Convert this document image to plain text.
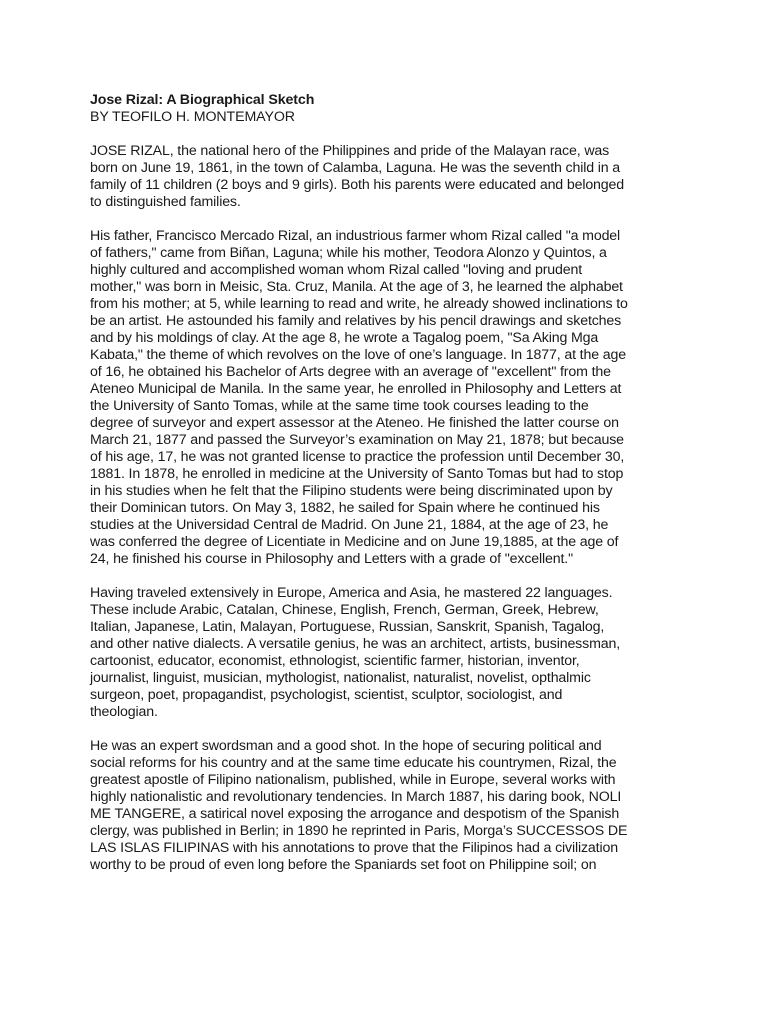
Jose Rizal: A Biographical Sketch

BY TEOFILO H. MONTEMAYOR

JOSE RIZAL, the national hero of the Philippines and pride of the Malayan race, was
born on June 19, 1861, in the town of Calamba, Laguna. He was the seventh child in a
family of 11 children (2 boys and 9 girls). Both his parents were educated and belonged
to distinguished families.

His father, Francisco Mercado Rizal, an industrious farmer whom Rizal called "a model
of fathers," came from Biñan, Laguna; while his mother, Teodora Alonzo y Quintos, a
highly cultured and accomplished woman whom Rizal called "loving and prudent
mother," was born in Meisic, Sta. Cruz, Manila. At the age of 3, he learned the alphabet
from his mother; at 5, while learning to read and write, he already showed inclinations to
be an artist. He astounded his family and relatives by his pencil drawings and sketches
and by his moldings of clay. At the age 8, he wrote a Tagalog poem, "Sa Aking Mga
Kabata," the theme of which revolves on the love of one’s language. In 1877, at the age
of 16, he obtained his Bachelor of Arts degree with an average of "excellent" from the
Ateneo Municipal de Manila. In the same year, he enrolled in Philosophy and Letters at
the University of Santo Tomas, while at the same time took courses leading to the
degree of surveyor and expert assessor at the Ateneo. He finished the latter course on
March 21, 1877 and passed the Surveyor’s examination on May 21, 1878; but because
of his age, 17, he was not granted license to practice the profession until December 30,
1881. In 1878, he enrolled in medicine at the University of Santo Tomas but had to stop
in his studies when he felt that the Filipino students were being discriminated upon by
their Dominican tutors. On May 3, 1882, he sailed for Spain where he continued his
studies at the Universidad Central de Madrid. On June 21, 1884, at the age of 23, he
was conferred the degree of Licentiate in Medicine and on June 19,1885, at the age of
24, he finished his course in Philosophy and Letters with a grade of "excellent."

Having traveled extensively in Europe, America and Asia, he mastered 22 languages.
These include Arabic, Catalan, Chinese, English, French, German, Greek, Hebrew,
Italian, Japanese, Latin, Malayan, Portuguese, Russian, Sanskrit, Spanish, Tagalog,
and other native dialects. A versatile genius, he was an architect, artists, businessman,
cartoonist, educator, economist, ethnologist, scientific farmer, historian, inventor,
journalist, linguist, musician, mythologist, nationalist, naturalist, novelist, opthalmic
surgeon, poet, propagandist, psychologist, scientist, sculptor, sociologist, and
theologian.

He was an expert swordsman and a good shot. In the hope of securing political and
social reforms for his country and at the same time educate his countrymen, Rizal, the
greatest apostle of Filipino nationalism, published, while in Europe, several works with
highly nationalistic and revolutionary tendencies. In March 1887, his daring book, NOLI
ME TANGERE, a satirical novel exposing the arrogance and despotism of the Spanish
clergy, was published in Berlin; in 1890 he reprinted in Paris, Morga’s SUCCESSOS DE
LAS ISLAS FILIPINAS with his annotations to prove that the Filipinos had a civilization
worthy to be proud of even long before the Spaniards set foot on Philippine soil; on
